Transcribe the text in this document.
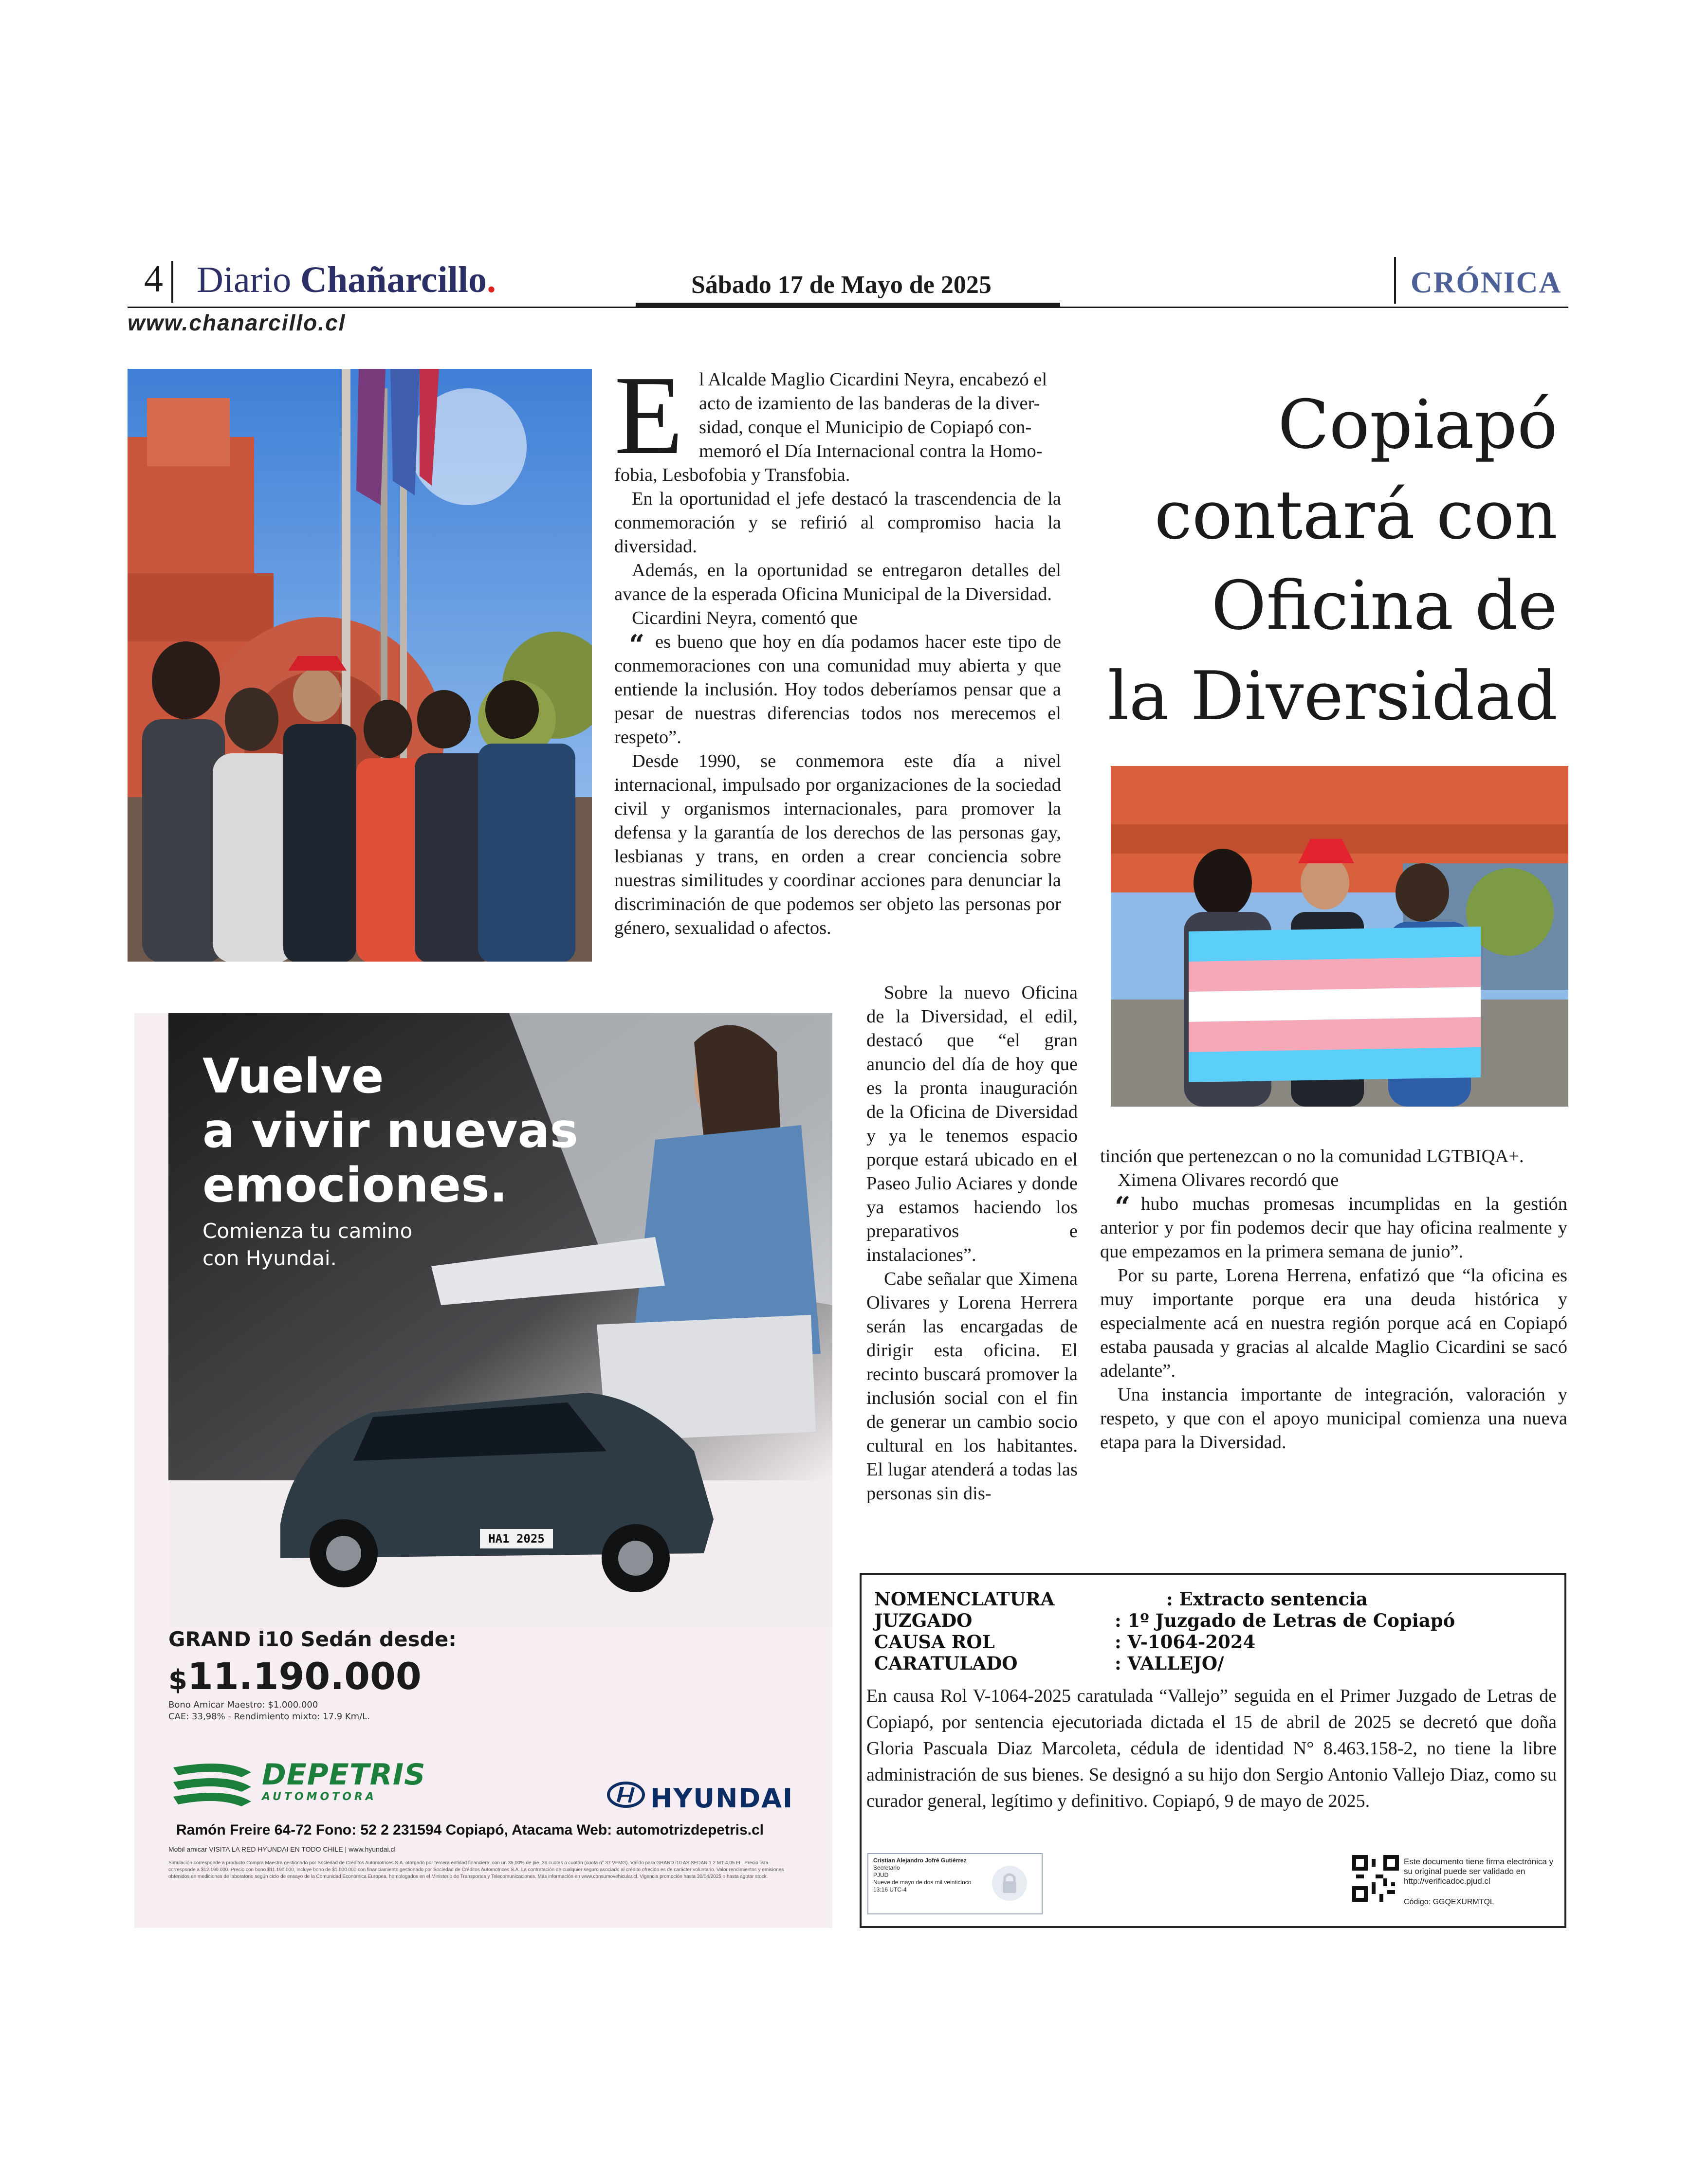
4 Diario Chañarcillo.	Sábado 17 de Mayo de 2025	CRÓNICA
www.chanarcillo.cl
Copiapó
contará con
Oficina de
la Diversidad
E l Alcalde Maglio Cicardini Neyra, encabezó el
acto de izamiento de las banderas de la diver-
sidad, conque el Municipio de Copiapó con-
memoró el Día Internacional contra la Homo-

fobia, Lesbofobia y Transfobia.

En la oportunidad el jefe destacó la trascendencia de la conmemoración y se refirió al compromiso hacia la diversidad.

Además, en la oportunidad se entregaron detalles del avance de la esperada Oficina Municipal de la Diversidad.

Cicardini Neyra, comentó que

“ es bueno que hoy en día podamos hacer este tipo de conmemoraciones con una comunidad muy abierta y que entiende la inclusión. Hoy todos deberíamos pensar que a pesar de nuestras diferencias todos nos merecemos el respeto”.

Desde 1990, se conmemora este día a nivel internacional, impulsado por organizaciones de la sociedad civil y organismos internacionales, para promover la defensa y la garantía de los derechos de las personas gay, lesbianas y trans, en orden a crear conciencia sobre nuestras similitudes y coordinar acciones para denunciar la discriminación de que podemos ser objeto las personas por género, sexualidad o afectos.

Sobre la nuevo Oficina de la Diversidad, el edil, destacó que “el gran anuncio del día de hoy que es la pronta inauguración de la Oficina de Diversidad y ya le tenemos espacio porque estará ubicado en el Paseo Julio Aciares y donde ya estamos haciendo los preparativos e instalaciones”.

Cabe señalar que Ximena Olivares y Lorena Herrera serán las encargadas de dirigir esta oficina. El recinto buscará promover la inclusión social con el fin de generar un cambio socio cultural en los habitantes. El lugar atenderá a todas las personas sin dis-

tinción que pertenezcan o no la comunidad LGTBIQA+.

Ximena Olivares recordó que

“ hubo muchas promesas incumplidas en la gestión anterior y por fin podemos decir que hay oficina realmente y que empezamos en la primera semana de junio”.

Por su parte, Lorena Herrena, enfatizó que “la oficina es muy importante porque era una deuda histórica y especialmente acá en nuestra región porque acá en Copiapó estaba pausada y gracias al alcalde Maglio Cicardini se sacó adelante”.

Una instancia importante de integración, valoración y respeto, y que con el apoyo municipal comienza una nueva etapa para la Diversidad.

HA1 2025
Vuelve
a vivir nuevas
emociones.
Comienza tu camino
con Hyundai.
GRAND i10 Sedán desde:
$11.190.000
Bono Amicar Maestro: $1.000.000
CAE: 33,98% - Rendimiento mixto: 17.9 Km/L.
DEPETRIS
AUTOMOTORA	HYUNDAI
Ramón Freire 64-72 Fono: 52 2 231594 Copiapó, Atacama Web: automotrizdepetris.cl
Mobil amicar VISITA LA RED HYUNDAI EN TODO CHILE | www.hyundai.cl
Simulación corresponde a producto Compra Maestra gestionado por Sociedad de Créditos Automotrices S.A. otorgado por tercera entidad financiera, con un 35,00% de pie, 36 cuotas o cuotón (cuota n° 37 VFMG). Válido para GRAND i10 AS SEDAN 1.2 MT 4,05 FL. Precio lista corresponde a $12.190.000. Precio con bono $11.190.000, incluye bono de $1.000.000 con financiamiento gestionado por Sociedad de Créditos Automotrices S.A. La contratación de cualquier seguro asociado al crédito ofrecido es de carácter voluntario. Valor rendimientos y emisiones obtenidos en mediciones de laboratorio según ciclo de ensayo de la Comunidad Económica Europea, homologados en el Ministerio de Transportes y Telecomunicaciones. Más información en www.consumovehicular.cl. Vigencia promoción hasta 30/04/2025 o hasta agotar stock.
NOMENCLATURA	: Extracto sentencia
JUZGADO	: 1º Juzgado de Letras de Copiapó
CAUSA ROL	: V-1064-2024
CARATULADO	: VALLEJO/
En causa Rol V-1064-2025 caratulada “Vallejo” seguida en el Primer Juzgado de Letras de Copiapó, por sentencia ejecutoriada dictada el 15 de abril de 2025 se decretó que doña Gloria Pascuala Diaz Marcoleta, cédula de identidad N° 8.463.158-2, no tiene la libre administración de sus bienes. Se designó a su hijo don Sergio Antonio Vallejo Diaz, como su curador general, legítimo y definitivo. Copiapó, 9 de mayo de 2025.
Cristian Alejandro Jofré Gutiérrez
Secretario
PJUD
Nueve de mayo de dos mil veinticinco
13:16 UTC-4
Este documento tiene firma electrónica y su original puede ser validado en http://verificadoc.pjud.cl
Código: GGQEXURMTQL
